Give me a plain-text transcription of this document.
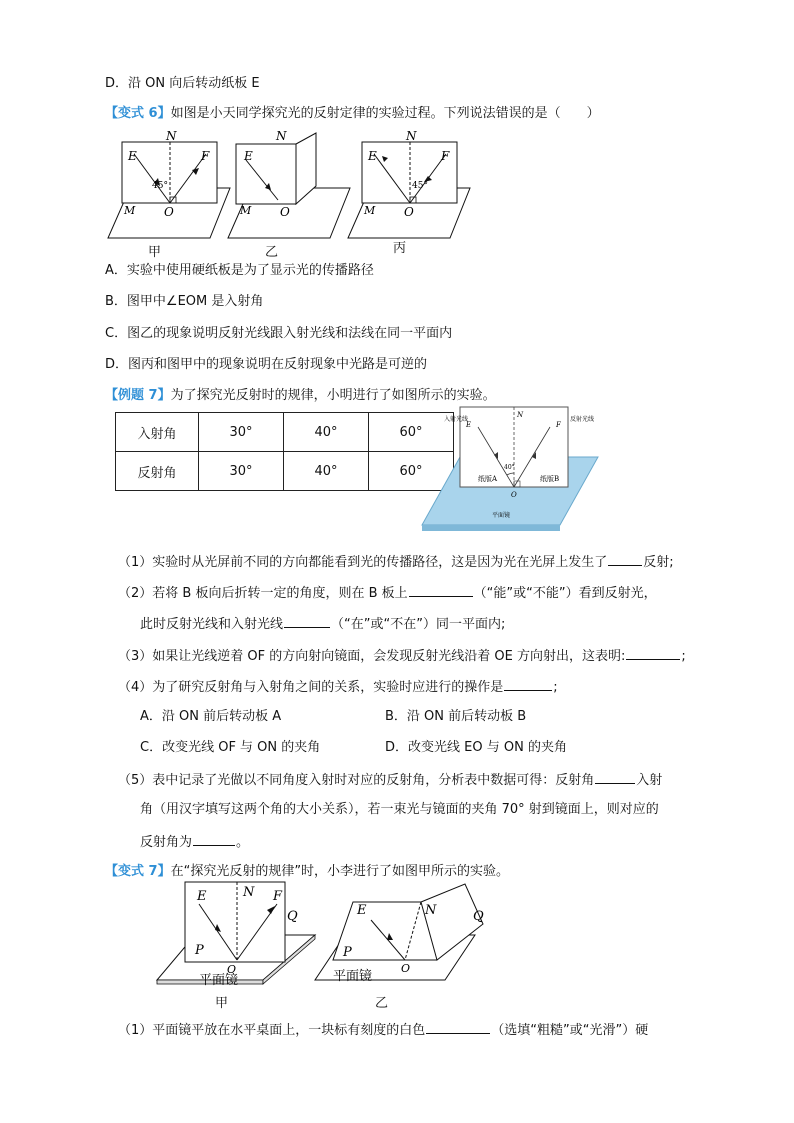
D．沿 ON 向后转动纸板 E
【变式 6】如图是小天同学探究光的反射定律的实验过程。下列说法错误的是（　　）
E	F
N
O
M
45°
E
N
O
M
E	F
N
O
M
45°
甲	乙	丙
A．实验中使用硬纸板是为了显示光的传播路径
B．图甲中∠EOM 是入射角
C．图乙的现象说明反射光线跟入射光线和法线在同一平面内
D．图丙和图甲中的现象说明在反射现象中光路是可逆的
【例题 7】为了探究光反射时的规律，小明进行了如图所示的实验。
入射角	30°	40°	60°
反射角	30°	40°	60°
入射光线	反射光线
E	F
N
O
40°
纸版A	纸版B
平面镜
（1）实验时从光屏前不同的方向都能看到光的传播路径，这是因为光在光屏上发生了	反射;
（2）若将 B 板向后折转一定的角度，则在 B 板上	（“能”或“不能”）看到反射光，
此时反射光线和入射光线	（“在”或“不在”）同一平面内;
（3）如果让光线逆着 OF 的方向射向镜面，会发现反射光线沿着 OE 方向射出，这表明:	;
（4）为了研究反射角与入射角之间的关系，实验时应进行的操作是	;
A．沿 ON 前后转动板 A	B．沿 ON 前后转动板 B
C．改变光线 OF 与 ON 的夹角	D．改变光线 EO 与 ON 的夹角
（5）表中记录了光做以不同角度入射时对应的反射角，分析表中数据可得：反射角	入射
角（用汉字填写这两个角的大小关系），若一束光与镜面的夹角 70° 射到镜面上，则对应的
反射角为	。
【变式 7】在“探究光反射的规律”时，小李进行了如图甲所示的实验。
E	F
N
Q
P
O
平面镜
E	N	Q
P
O
平面镜
甲	乙
（1）平面镜平放在水平桌面上，一块标有刻度的白色	（选填“粗糙”或“光滑”）硬
